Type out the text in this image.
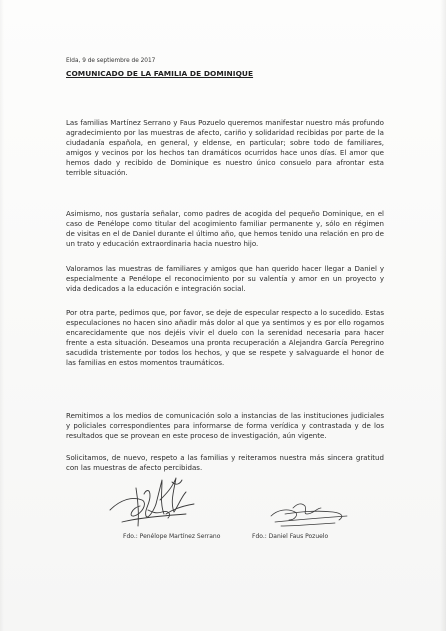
Elda, 9 de septiembre de 2017
COMUNICADO DE LA FAMILIA DE DOMINIQUE

Las familias Martínez Serrano y Faus Pozuelo queremos manifestar nuestro más profundo agradecimiento por las muestras de afecto, cariño y solidaridad recibidas por parte de la ciudadanía española, en general, y eldense, en particular; sobre todo de familiares, amigos y vecinos por los hechos tan dramáticos ocurridos hace unos días. El amor que hemos dado y recibido de Dominique es nuestro único consuelo para afrontar esta terrible situación.

Asimismo, nos gustaría señalar, como padres de acogida del pequeño Dominique, en el caso de Penélope como titular del acogimiento familiar permanente y, sólo en régimen de visitas en el de Daniel durante el último año, que hemos tenido una relación en pro de un trato y educación extraordinaria hacia nuestro hijo.

Valoramos las muestras de familiares y amigos que han querido hacer llegar a Daniel y especialmente a Penélope el reconocimiento por su valentía y amor en un proyecto y vida dedicados a la educación e integración social.

Por otra parte, pedimos que, por favor, se deje de especular respecto a lo sucedido. Estas especulaciones no hacen sino añadir más dolor al que ya sentimos y es por ello rogamos encarecidamente que nos dejéis vivir el duelo con la serenidad necesaria para hacer frente a esta situación. Deseamos una pronta recuperación a Alejandra García Peregrino sacudida tristemente por todos los hechos, y que se respete y salvaguarde el honor de las familias en estos momentos traumáticos.

Remitimos a los medios de comunicación solo a instancias de las instituciones judiciales y policiales correspondientes para informarse de forma verídica y contrastada y de los resultados que se provean en este proceso de investigación, aún vigente.

Solicitamos, de nuevo, respeto a las familias y reiteramos nuestra más sincera gratitud con las muestras de afecto percibidas.

Fdo.: Penélope Martínez Serrano	Fdo.: Daniel Faus Pozuelo
